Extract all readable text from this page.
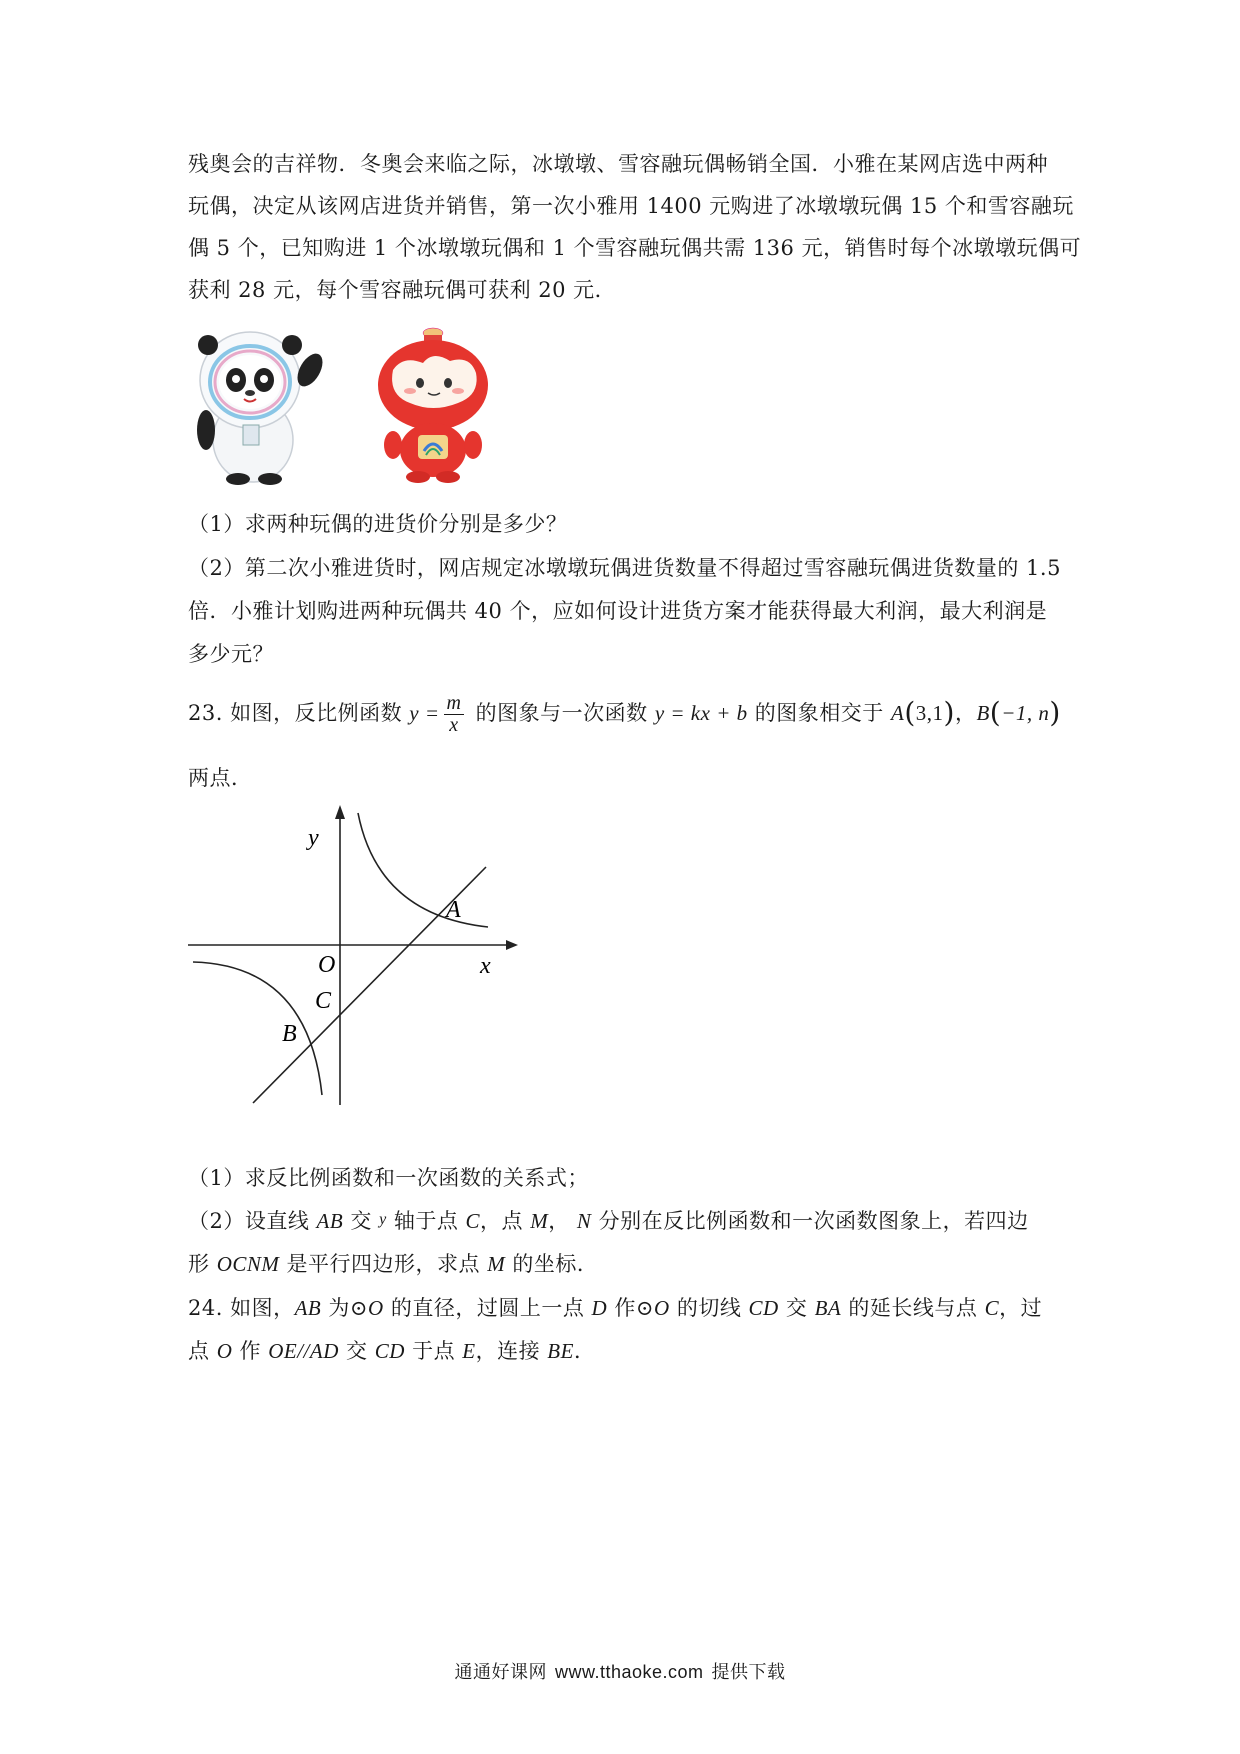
残奥会的吉祥物．冬奥会来临之际，冰墩墩、雪容融玩偶畅销全国．小雅在某网店选中两种
玩偶，决定从该网店进货并销售，第一次小雅用 1400 元购进了冰墩墩玩偶 15 个和雪容融玩
偶 5 个，已知购进 1 个冰墩墩玩偶和 1 个雪容融玩偶共需 136 元，销售时每个冰墩墩玩偶可
获利 28 元，每个雪容融玩偶可获利 20 元．
（1）求两种玩偶的进货价分别是多少？
（2）第二次小雅进货时，网店规定冰墩墩玩偶进货数量不得超过雪容融玩偶进货数量的 1.5
倍．小雅计划购进两种玩偶共 40 个，应如何设计进货方案才能获得最大利润，最大利润是
多少元？
23. 如图，反比例函数 $y = \frac{m}{x}$ 的图象与一次函数 y = kx + b 的图象相交于 A(3,1)，B(−1, n)
两点．
y
x
O
A
C
B
（1）求反比例函数和一次函数的关系式；
（2）设直线 AB 交 y 轴于点 C，点 M， N 分别在反比例函数和一次函数图象上，若四边
形 OCNM 是平行四边形，求点 M 的坐标．
24. 如图，AB 为⊙O 的直径，过圆上一点 D 作⊙O 的切线 CD 交 BA 的延长线与点 C，过
点 O 作 OE//AD 交 CD 于点 E，连接 BE．
通通好课网 www.tthaoke.com 提供下载
